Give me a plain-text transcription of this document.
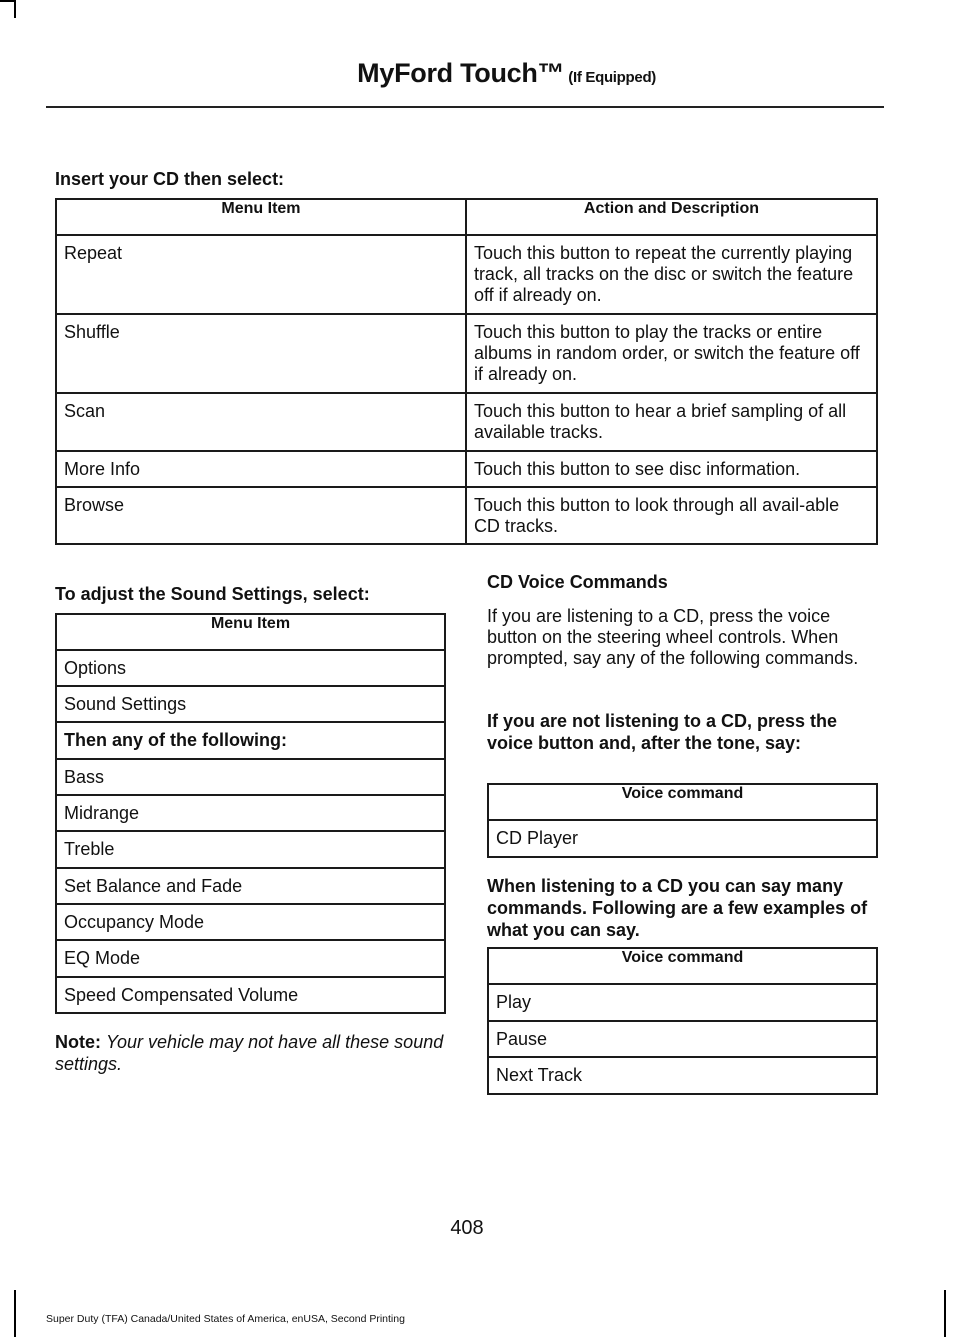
MyFord Touch™ (If Equipped)
Insert your CD then select:
Menu Item	Action and Description
Repeat	Touch this button to repeat the currently playing track, all tracks on the disc or switch the feature off if already on.
Shuffle	Touch this button to play the tracks or entire albums in random order, or switch the feature off if already on.
Scan	Touch this button to hear a brief sampling of all available tracks.
More Info	Touch this button to see disc information.
Browse	Touch this button to look through all avail-able CD tracks.
To adjust the Sound Settings, select:
Menu Item
Options
Sound Settings
Then any of the following:
Bass
Midrange
Treble
Set Balance and Fade
Occupancy Mode
EQ Mode
Speed Compensated Volume
Note: Your vehicle may not have all these sound settings.
CD Voice Commands
If you are listening to a CD, press the voice button on the steering wheel controls. When prompted, say any of the following commands.
If you are not listening to a CD, press the voice button and, after the tone, say:
Voice command
CD Player
When listening to a CD you can say many commands. Following are a few examples of what you can say.
Voice command
Play
Pause
Next Track
408
Super Duty (TFA) Canada/United States of America, enUSA, Second Printing
